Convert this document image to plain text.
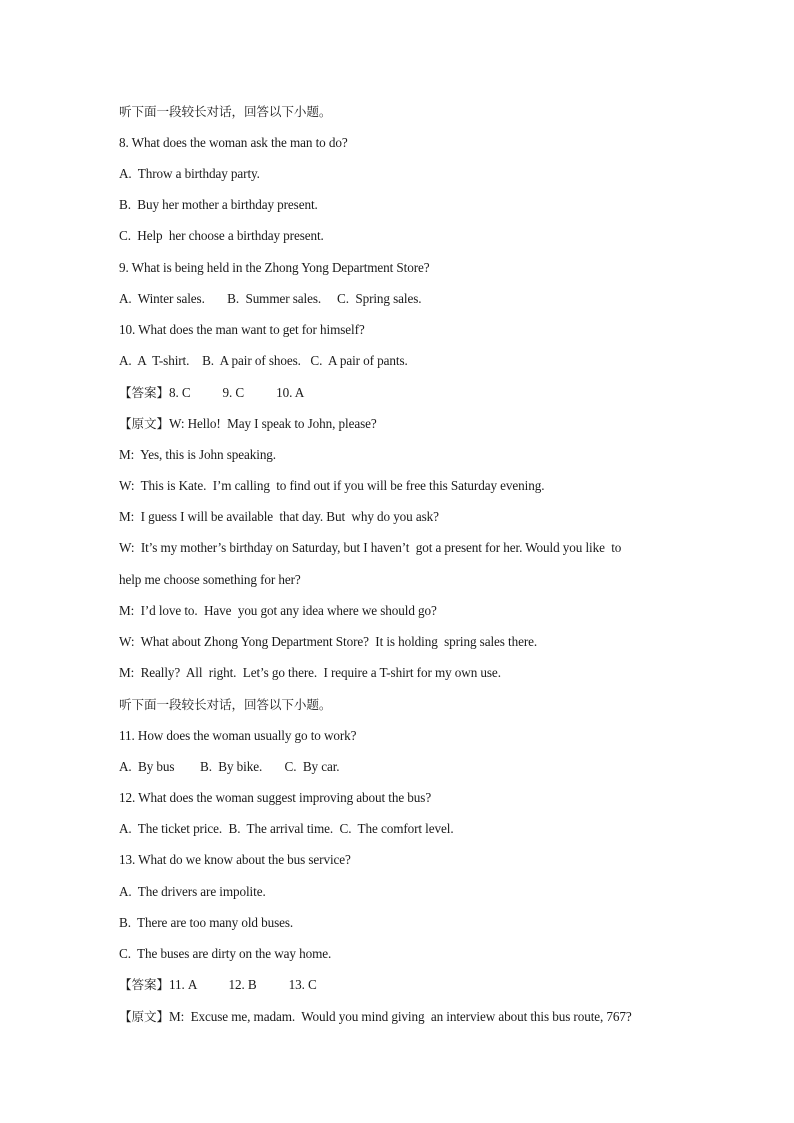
听下面一段较长对话，回答以下小题。
8. What does the woman ask the man to do?
A.  Throw a birthday party.
B.  Buy her mother a birthday present.
C.  Help  her choose a birthday present.
9. What is being held in the Zhong Yong Department Store?
A.  Winter sales.       B.  Summer sales.     C.  Spring sales.
10. What does the man want to get for himself?
A.  A  T-shirt.    B.  A pair of shoes.   C.  A pair of pants.
【答案】8. C          9. C          10. A
【原文】W: Hello!  May I speak to John, please?
M:  Yes, this is John speaking.
W:  This is Kate.  I’m calling  to find out if you will be free this Saturday evening.
M:  I guess I will be available  that day. But  why do you ask?
W:  It’s my mother’s birthday on Saturday, but I haven’t  got a present for her. Would you like  to
help me choose something for her?
M:  I’d love to.  Have  you got any idea where we should go?
W:  What about Zhong Yong Department Store?  It is holding  spring sales there.
M:  Really?  All  right.  Let’s go there.  I require a T-shirt for my own use.
听下面一段较长对话，回答以下小题。
11. How does the woman usually go to work?
A.  By bus        B.  By bike.       C.  By car.
12. What does the woman suggest improving about the bus?
A.  The ticket price.  B.  The arrival time.  C.  The comfort level.
13. What do we know about the bus service?
A.  The drivers are impolite.
B.  There are too many old buses.
C.  The buses are dirty on the way home.
【答案】11. A          12. B          13. C
【原文】M:  Excuse me, madam.  Would you mind giving  an interview about this bus route, 767?
